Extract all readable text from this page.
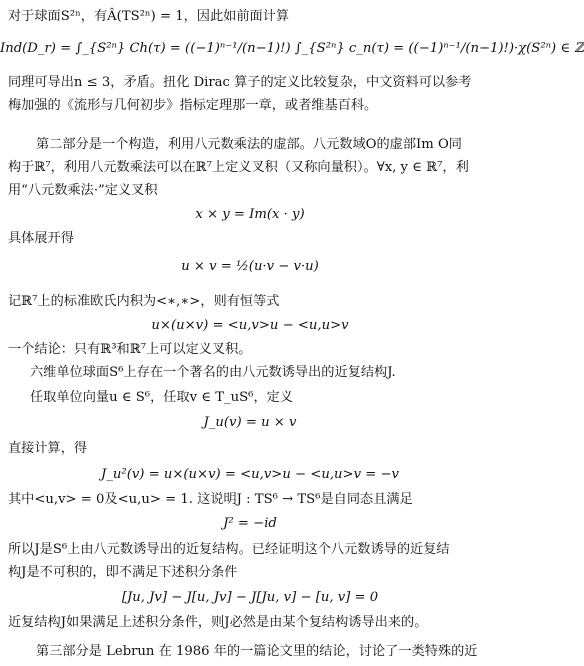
对于球面S²ⁿ，有Â(TS²ⁿ) = 1，因此如前面计算
Ind(D_r) = ∫_{S²ⁿ} Ch(τ) = ((−1)ⁿ⁻¹/(n−1)!) ∫_{S²ⁿ} c_n(τ) = ((−1)ⁿ⁻¹/(n−1)!)·χ(S²ⁿ) ∈ ℤ
同理可导出n ≤ 3，矛盾。扭化 Dirac 算子的定义比较复杂，中文资料可以参考
梅加强的《流形与几何初步》指标定理那一章，或者维基百科。
第二部分是一个构造，利用八元数乘法的虚部。八元数域O的虚部Im O同
构于ℝ⁷，利用八元数乘法可以在ℝ⁷上定义叉积（又称向量积）。∀x, y ∈ ℝ⁷，利
用“八元数乘法·”定义叉积
x × y = Im(x · y)
具体展开得
u × v = ½(u·v − v·u)
记ℝ⁷上的标准欧氏内积为<∗,∗>，则有恒等式
u×(u×v) = <u,v>u − <u,u>v
一个结论：只有ℝ³和ℝ⁷上可以定义叉积。
六维单位球面S⁶上存在一个著名的由八元数诱导出的近复结构J.
任取单位向量u ∈ S⁶，任取v ∈ T_uS⁶，定义
J_u(v) = u × v
直接计算，得
J_u²(v) = u×(u×v) = <u,v>u − <u,u>v = −v
其中<u,v> = 0及<u,u> = 1. 这说明J : TS⁶ → TS⁶是自同态且满足
J² = −id
所以J是S⁶上由八元数诱导出的近复结构。已经证明这个八元数诱导的近复结
构J是不可积的，即不满足下述积分条件
[Ju, Jv] − J[u, Jv] − J[Ju, v] − [u, v] = 0
近复结构J如果满足上述积分条件，则J必然是由某个复结构诱导出来的。
第三部分是 Lebrun 在 1986 年的一篇论文里的结论，讨论了一类特殊的近
